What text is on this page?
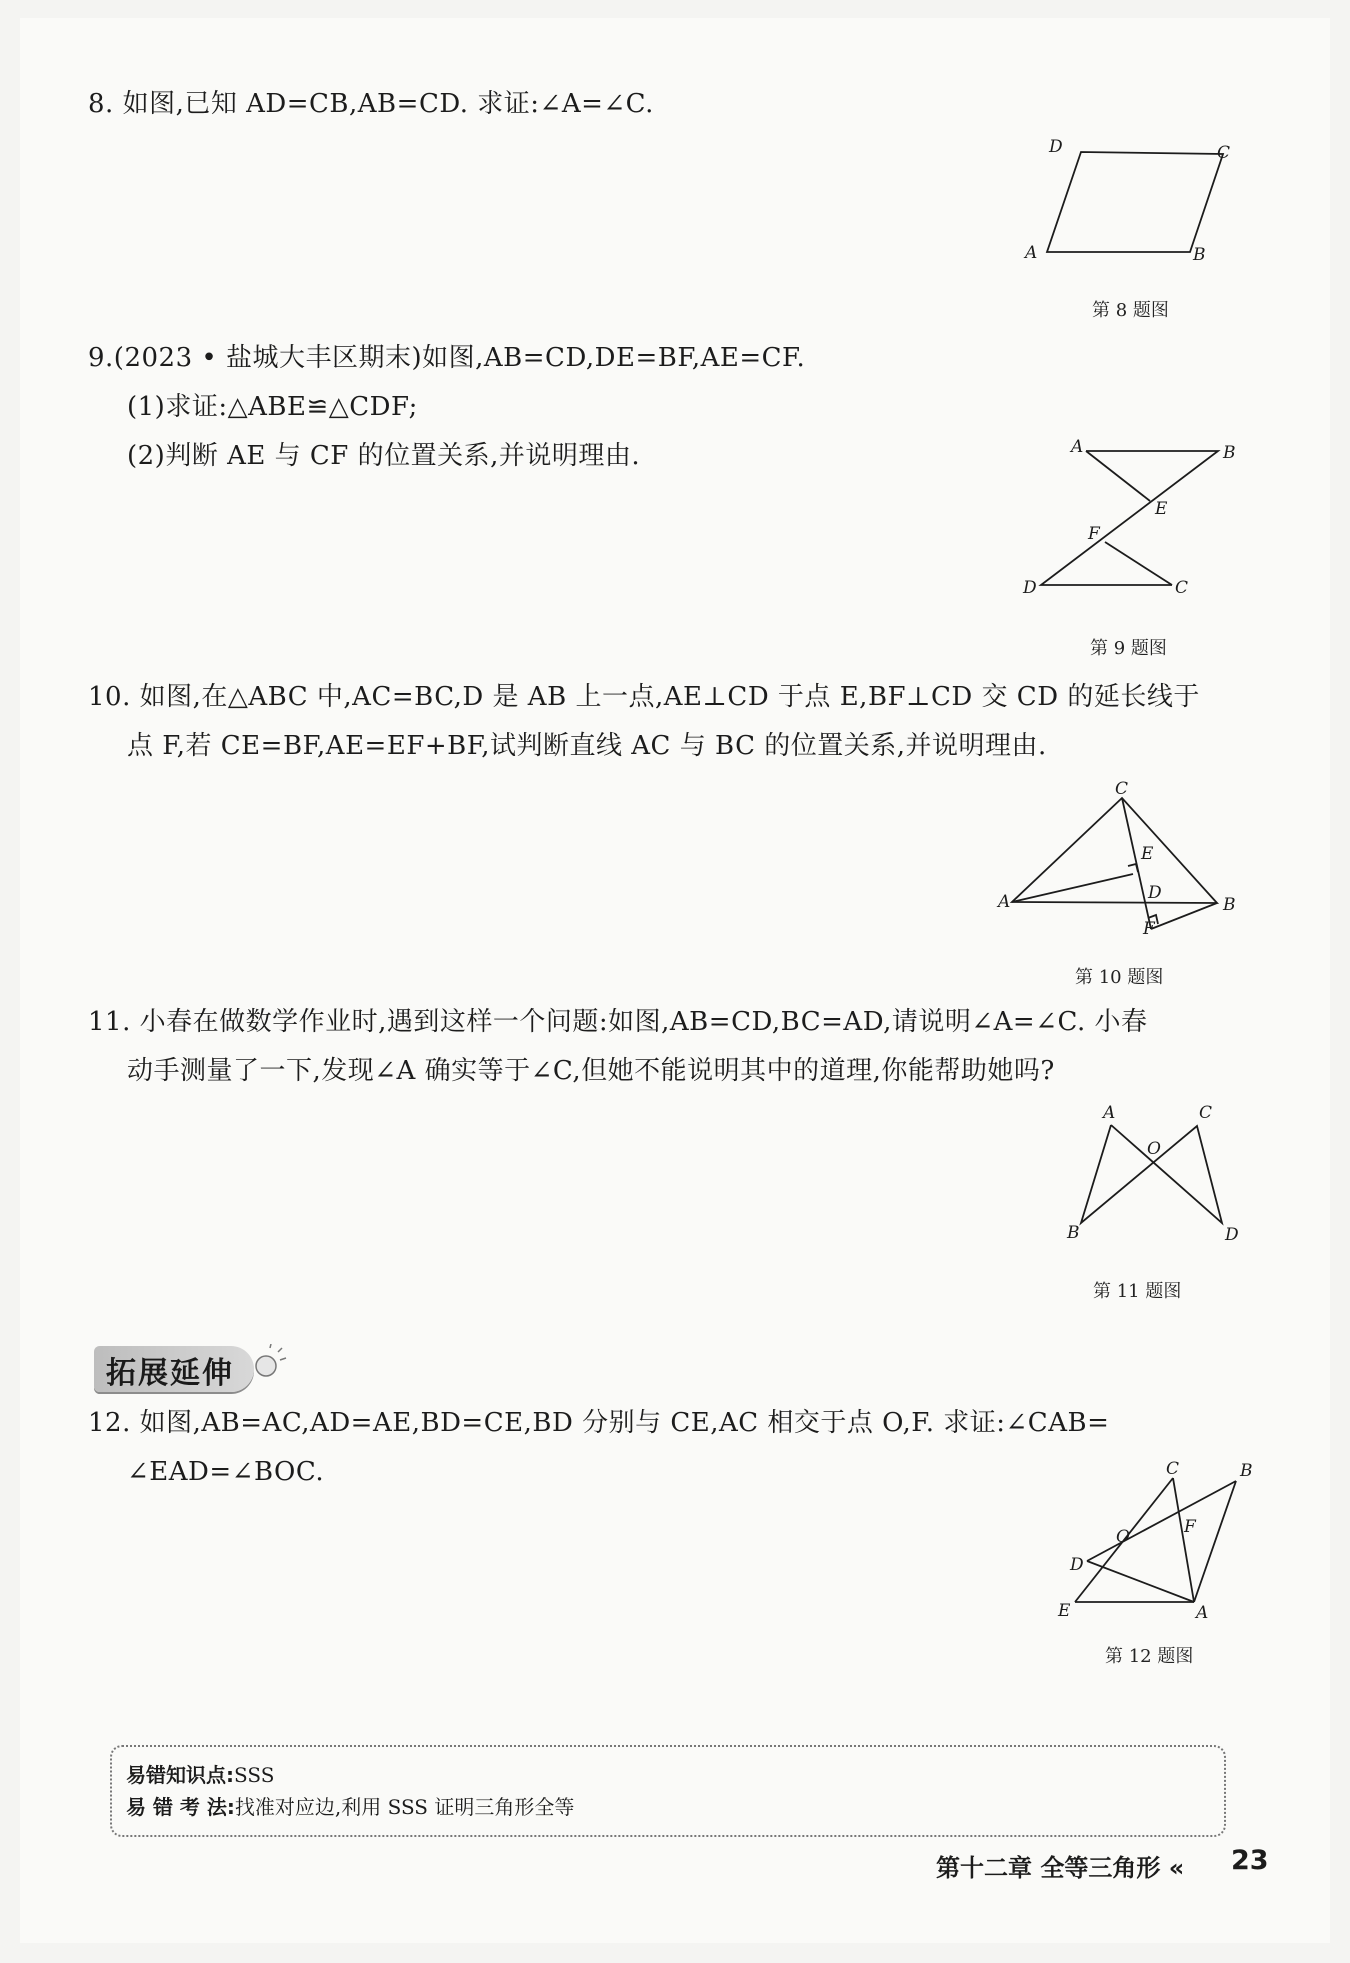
8. 如图,已知 AD=CB,AB=CD. 求证:∠A=∠C.
A	B
C
D
第 8 题图
9.(2023 • 盐城大丰区期末)如图,AB=CD,DE=BF,AE=CF.
(1)求证:△ABE≌△CDF;
(2)判断 AE 与 CF 的位置关系,并说明理由.	A	B
E
F
D	C
第 9 题图
10. 如图,在△ABC 中,AC=BC,D 是 AB 上一点,AE⊥CD 于点 E,BF⊥CD 交 CD 的延长线于
点 F,若 CE=BF,AE=EF+BF,试判断直线 AC 与 BC 的位置关系,并说明理由.
C
E
A	D
B
F
第 10 题图
11. 小春在做数学作业时,遇到这样一个问题:如图,AB=CD,BC=AD,请说明∠A=∠C. 小春
动手测量了一下,发现∠A 确实等于∠C,但她不能说明其中的道理,你能帮助她吗?
A	C
O
B	D
第 11 题图
拓展延伸
12. 如图,AB=AC,AD=AE,BD=CE,BD 分别与 CE,AC 相交于点 O,F. 求证:∠CAB=
∠EAD=∠BOC.	C	B
O	F
D
E	A
第 12 题图
易错知识点:SSS
易 错 考 法:找准对应边,利用 SSS 证明三角形全等
第十二章 全等三角形 « 23
